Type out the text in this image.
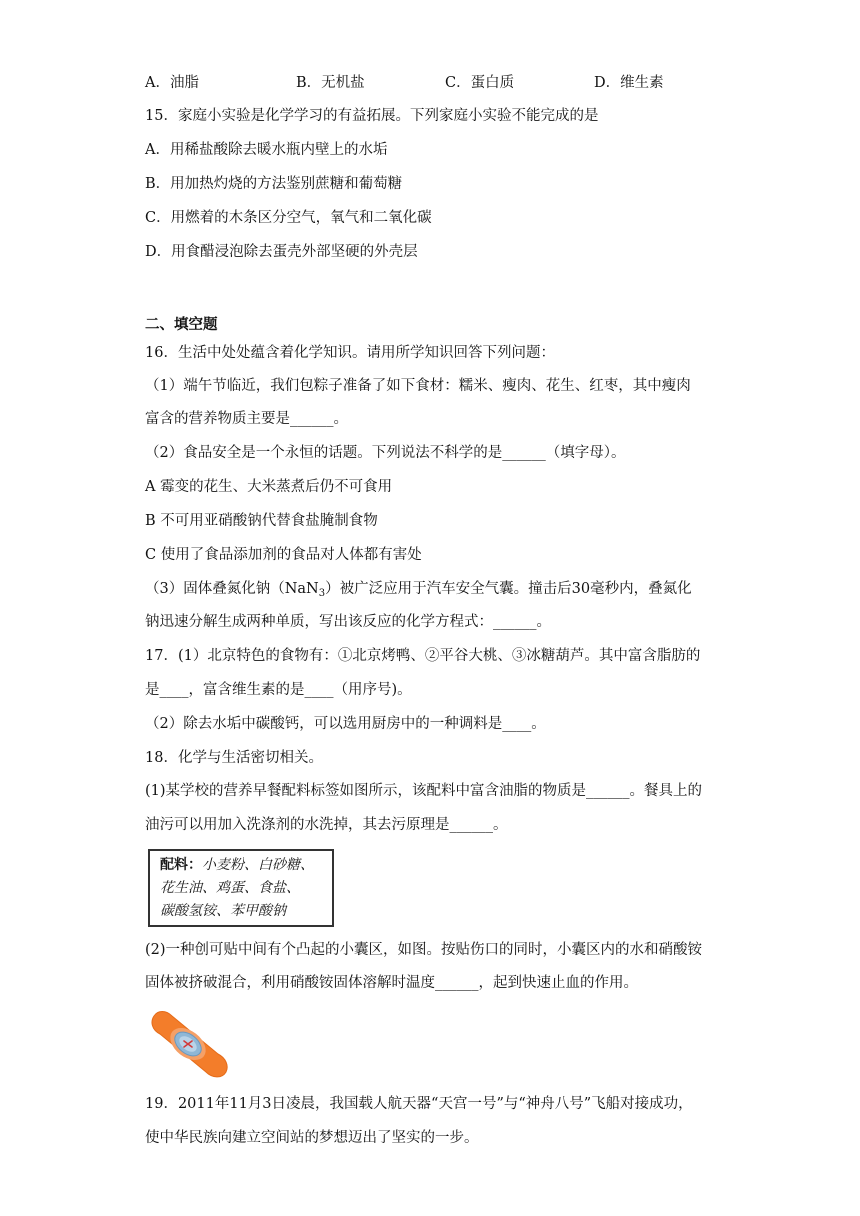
A．油脂	B．无机盐	C．蛋白质	D．维生素
15．家庭小实验是化学学习的有益拓展。下列家庭小实验不能完成的是
A．用稀盐酸除去暖水瓶内壁上的水垢
B．用加热灼烧的方法鉴别蔗糖和葡萄糖
C．用燃着的木条区分空气，氧气和二氧化碳
D．用食醋浸泡除去蛋壳外部坚硬的外壳层
二、填空题
16．生活中处处蕴含着化学知识。请用所学知识回答下列问题：
（1）端午节临近，我们包粽子准备了如下食材：糯米、瘦肉、花生、红枣，其中瘦肉
富含的营养物质主要是______。
（2）食品安全是一个永恒的话题。下列说法不科学的是______（填字母）。
A 霉变的花生、大米蒸煮后仍不可食用
B 不可用亚硝酸钠代替食盐腌制食物
C 使用了食品添加剂的食品对人体都有害处
（3）固体叠氮化钠（NaN$_3$）被广泛应用于汽车安全气囊。撞击后30毫秒内，叠氮化
钠迅速分解生成两种单质，写出该反应的化学方程式：______。
17．(1）北京特色的食物有：①北京烤鸭、②平谷大桃、③冰糖葫芦。其中富含脂肪的
是____，富含维生素的是____（用序号)。
（2）除去水垢中碳酸钙，可以选用厨房中的一种调料是____。
18．化学与生活密切相关。
(1)某学校的营养早餐配料标签如图所示，该配料中富含油脂的物质是______。餐具上的
油污可以用加入洗涤剂的水洗掉，其去污原理是______。
配料：小麦粉、白砂糖、
花生油、鸡蛋、食盐、
碳酸氢铵、苯甲酸钠
(2)一种创可贴中间有个凸起的小囊区，如图。按贴伤口的同时，小囊区内的水和硝酸铵
固体被挤破混合，利用硝酸铵固体溶解时温度______，起到快速止血的作用。
19．2011年11月3日凌晨，我国载人航天器“天宫一号”与“神舟八号”飞船对接成功，
使中华民族向建立空间站的梦想迈出了坚实的一步。
